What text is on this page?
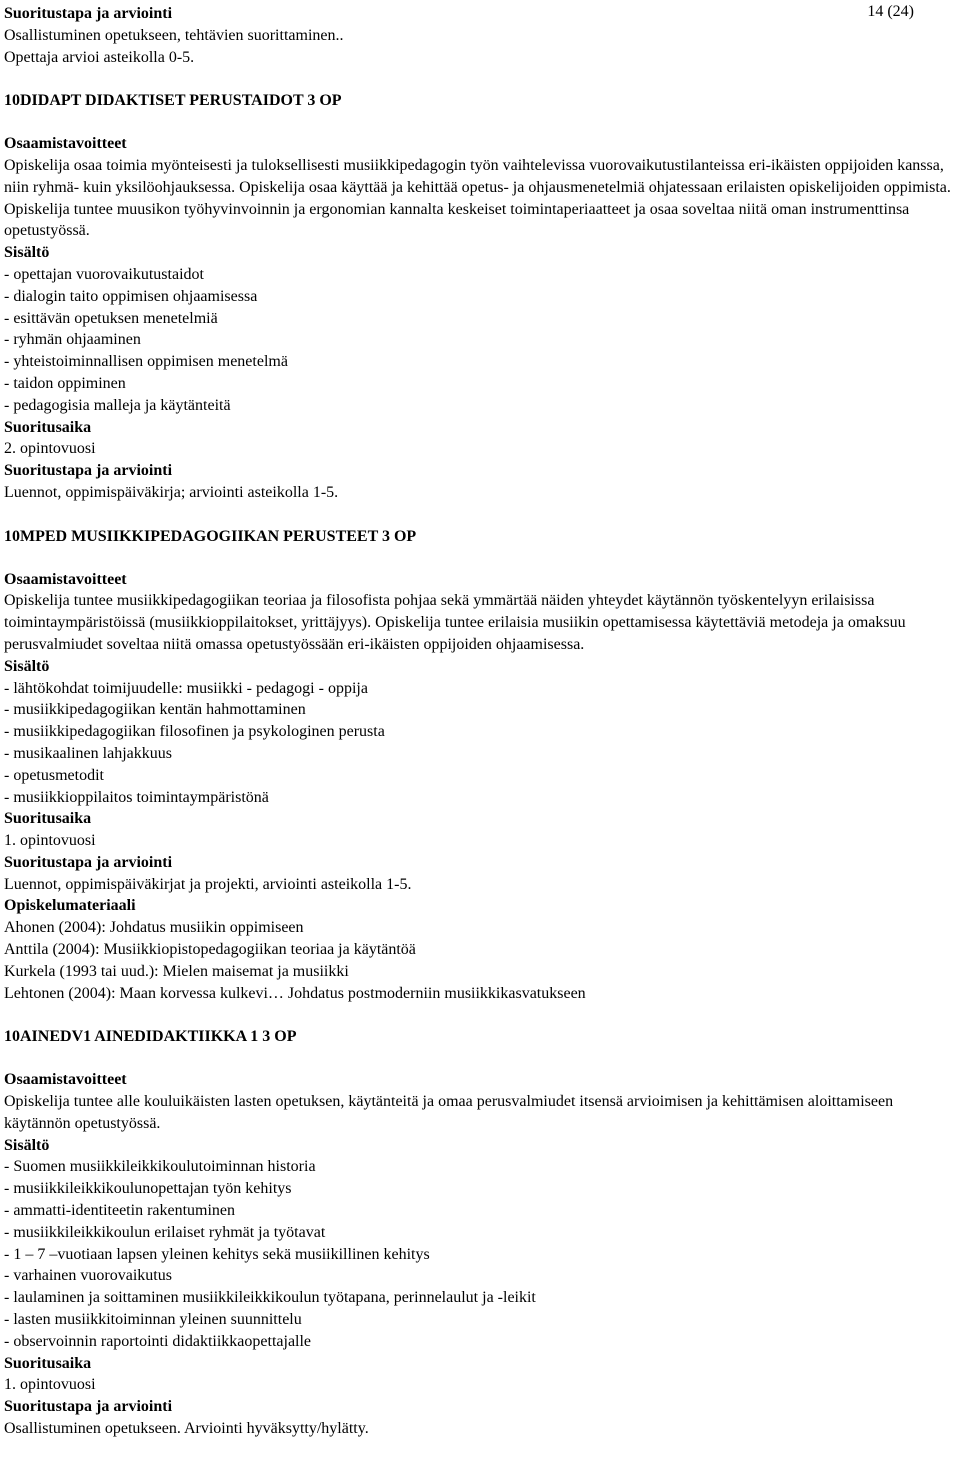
14 (24)
Suoritustapa ja arviointi
Osallistuminen opetukseen, tehtävien suorittaminen..
Opettaja arvioi asteikolla 0-5.
10DIDAPT DIDAKTISET PERUSTAIDOT 3 OP
Osaamistavoitteet
Opiskelija osaa toimia myönteisesti ja tuloksellisesti musiikkipedagogin työn vaihtelevissa vuorovaikutustilanteissa eri-ikäisten oppijoiden kanssa, niin ryhmä- kuin yksilöohjauksessa. Opiskelija osaa käyttää ja kehittää opetus- ja ohjausmenetelmiä ohjatessaan erilaisten opiskelijoiden oppimista. Opiskelija tuntee muusikon työhyvinvoinnin ja ergonomian kannalta keskeiset toimintaperiaatteet ja osaa soveltaa niitä oman instrumenttinsa opetustyössä.
Sisältö
- opettajan vuorovaikutustaidot
- dialogin taito oppimisen ohjaamisessa
- esittävän opetuksen menetelmiä
- ryhmän ohjaaminen
- yhteistoiminnallisen oppimisen menetelmä
- taidon oppiminen
- pedagogisia malleja ja käytänteitä
Suoritusaika
2. opintovuosi
Suoritustapa ja arviointi
Luennot, oppimispäiväkirja; arviointi asteikolla 1-5.
10MPED MUSIIKKIPEDAGOGIIKAN PERUSTEET 3 OP
Osaamistavoitteet
Opiskelija tuntee musiikkipedagogiikan teoriaa ja filosofista pohjaa sekä ymmärtää näiden yhteydet käytännön työskentelyyn erilaisissa toimintaympäristöissä (musiikkioppilaitokset, yrittäjyys). Opiskelija tuntee erilaisia musiikin opettamisessa käytettäviä metodeja ja omaksuu perusvalmiudet soveltaa niitä omassa opetustyössään eri-ikäisten oppijoiden ohjaamisessa.
Sisältö
- lähtökohdat toimijuudelle: musiikki - pedagogi - oppija
- musiikkipedagogiikan kentän hahmottaminen
- musiikkipedagogiikan filosofinen ja psykologinen perusta
- musikaalinen lahjakkuus
- opetusmetodit
- musiikkioppilaitos toimintaympäristönä
Suoritusaika
1. opintovuosi
Suoritustapa ja arviointi
Luennot, oppimispäiväkirjat ja projekti, arviointi asteikolla 1-5.
Opiskelumateriaali
Ahonen (2004): Johdatus musiikin oppimiseen
Anttila (2004): Musiikkiopistopedagogiikan teoriaa ja käytäntöä
Kurkela (1993 tai uud.): Mielen maisemat ja musiikki
Lehtonen (2004): Maan korvessa kulkevi… Johdatus postmoderniin musiikkikasvatukseen
10AINEDV1 AINEDIDAKTIIKKA 1 3 OP
Osaamistavoitteet
Opiskelija tuntee alle kouluikäisten lasten opetuksen, käytänteitä ja omaa perusvalmiudet itsensä arvioimisen ja kehittämisen aloittamiseen käytännön opetustyössä.
Sisältö
- Suomen musiikkileikkikoulutoiminnan historia
- musiikkileikkikoulunopettajan työn kehitys
- ammatti-identiteetin rakentuminen
- musiikkileikkikoulun erilaiset ryhmät ja työtavat
- 1 – 7 –vuotiaan lapsen yleinen kehitys sekä musiikillinen kehitys
- varhainen vuorovaikutus
- laulaminen ja soittaminen musiikkileikkikoulun työtapana, perinnelaulut ja -leikit
- lasten musiikkitoiminnan yleinen suunnittelu
- observoinnin raportointi didaktiikkaopettajalle
Suoritusaika
1. opintovuosi
Suoritustapa ja arviointi
Osallistuminen opetukseen. Arviointi hyväksytty/hylätty.
